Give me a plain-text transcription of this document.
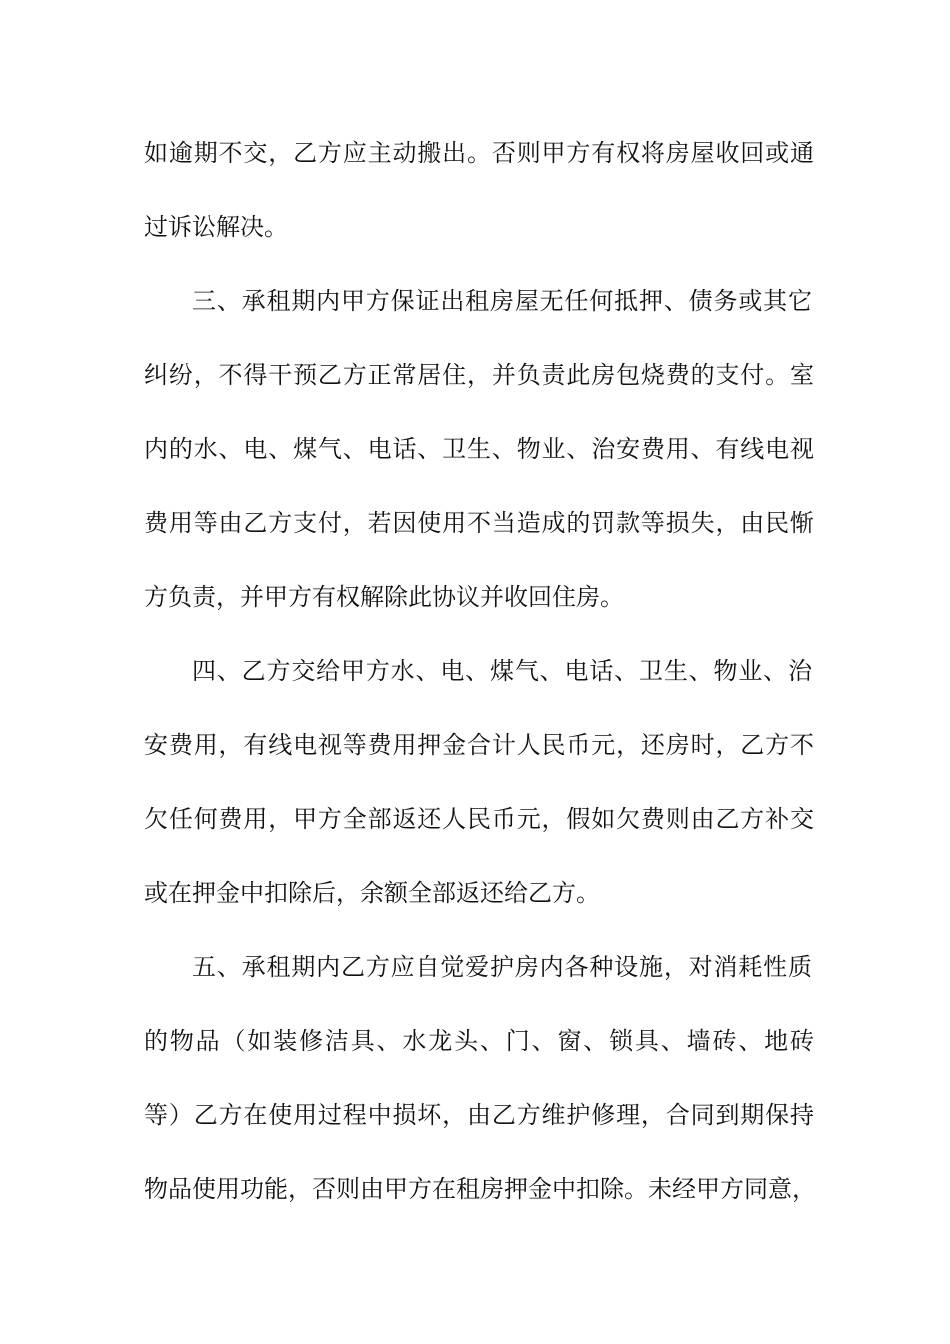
如逾期不交，乙方应主动搬出。否则甲方有权将房屋收回或通
过诉讼解决。
三、承租期内甲方保证出租房屋无任何抵押、债务或其它
纠纷，不得干预乙方正常居住，并负责此房包烧费的支付。室
内的水、电、煤气、电话、卫生、物业、治安费用、有线电视
费用等由乙方支付，若因使用不当造成的罚款等损失，由民惭
方负责，并甲方有权解除此协议并收回住房。
四、乙方交给甲方水、电、煤气、电话、卫生、物业、治
安费用，有线电视等费用押金合计人民币元，还房时，乙方不
欠任何费用，甲方全部返还人民币元，假如欠费则由乙方补交
或在押金中扣除后，余额全部返还给乙方。
五、承租期内乙方应自觉爱护房内各种设施，对消耗性质
的物品（如装修洁具、水龙头、门、窗、锁具、墙砖、地砖
等）乙方在使用过程中损坏，由乙方维护修理，合同到期保持
物品使用功能，否则由甲方在租房押金中扣除。未经甲方同意，
